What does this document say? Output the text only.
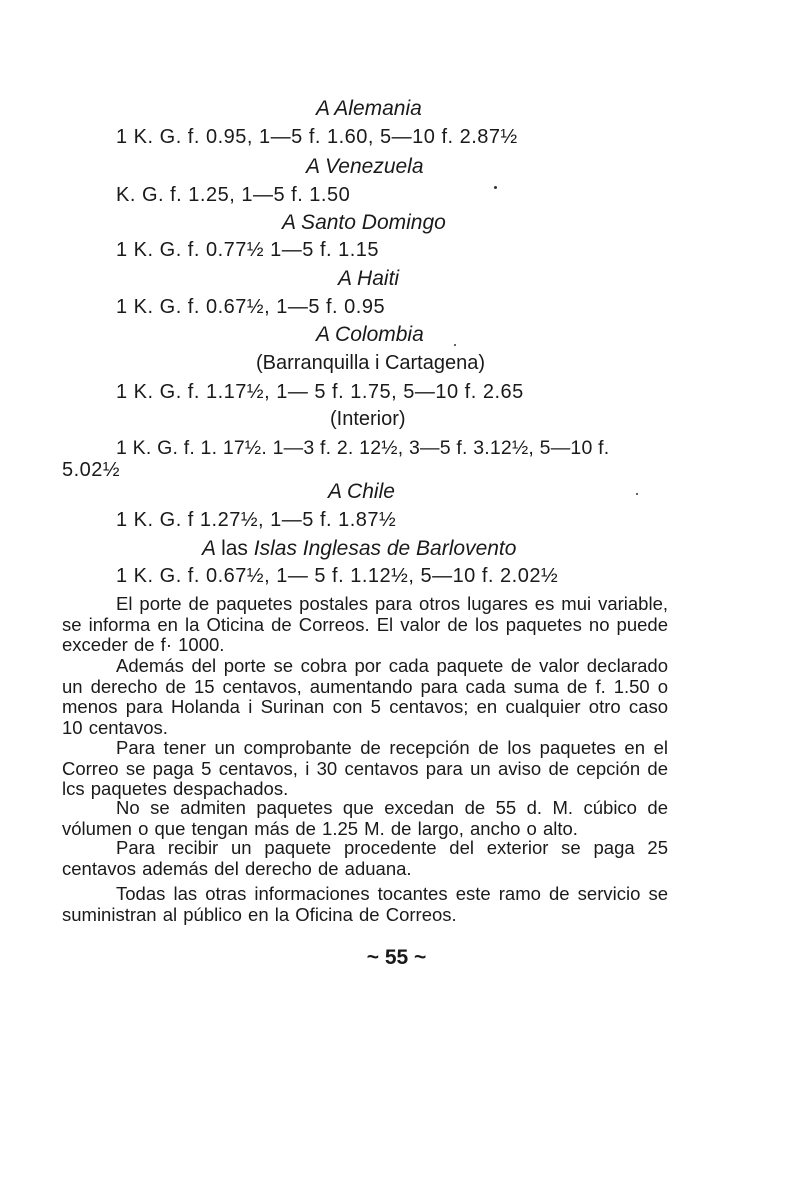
A Alemania
1 K. G. f. 0.95, 1—5 f. 1.60, 5—10 f. 2.87½
A Venezuela
K. G. f. 1.25, 1—5 f. 1.50
A Santo Domingo
1 K. G. f. 0.77½ 1—5 f. 1.15
A Haiti
1 K. G. f. 0.67½, 1—5 f. 0.95
A Colombia
(Barranquilla i Cartagena)
1 K. G. f. 1.17½, 1— 5 f. 1.75, 5—10 f. 2.65
(Interior)
1 K. G. f. 1. 17½. 1—3 f. 2. 12½, 3—5 f. 3.12½, 5—10 f.
5.02½
A Chile
1 K. G. f 1.27½, 1—5 f. 1.87½
A las Islas Inglesas de Barlovento
1 K. G. f. 0.67½, 1— 5 f. 1.12½, 5—10 f. 2.02½
El porte de paquetes postales para otros lugares es mui variable, se informa en la Oticina de Correos. El valor de los paquetes no puede exceder de f· 1000.
Además del porte se cobra por cada paquete de valor declarado un derecho de 15 centavos, aumentando para cada suma de f. 1.50 o menos para Holanda i Surinan con 5 centavos; en cualquier otro caso 10 centavos.
Para tener un comprobante de recepción de los paquetes en el Correo se paga 5 centavos, i 30 centavos para un aviso de cepción de lcs paquetes despachados.
No se admiten paquetes que excedan de 55 d. M. cúbico de vólumen o que tengan más de 1.25 M. de largo, ancho o alto.
Para recibir un paquete procedente del exterior se paga 25 centavos además del derecho de aduana.
Todas las otras informaciones tocantes este ramo de servicio se suministran al público en la Oficina de Correos.
~ 55 ~
